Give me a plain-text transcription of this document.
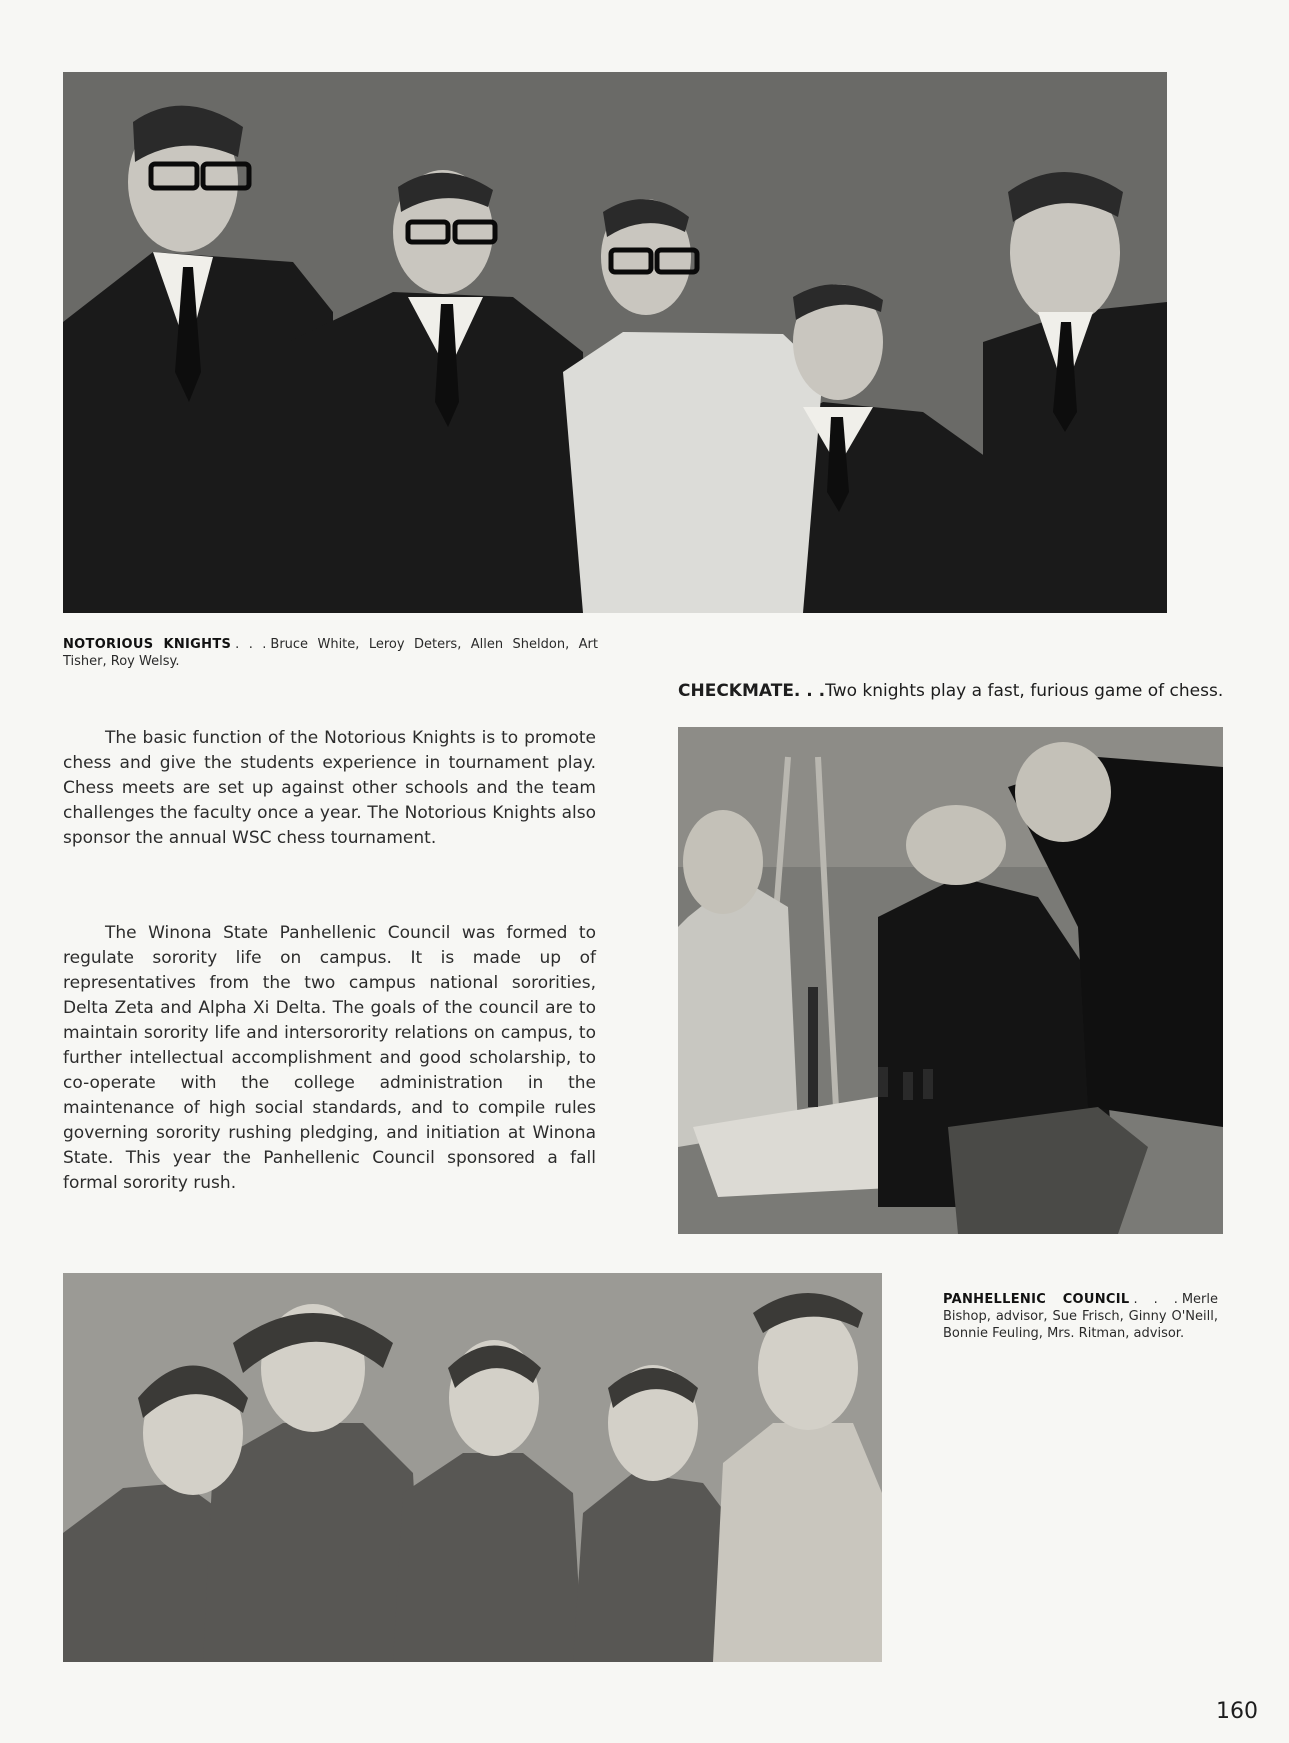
NOTORIOUS KNIGHTS . . . Bruce White, Leroy Deters, Allen Sheldon, Art Tisher, Roy Welsy.
CHECKMATE. . .Two knights play a fast, furious game of chess.
The basic function of the Notorious Knights is to promote chess and give the students experience in tournament play. Chess meets are set up against other schools and the team challenges the faculty once a year. The Notorious Knights also sponsor the annual WSC chess tournament.
The Winona State Panhellenic Council was formed to regulate sorority life on campus. It is made up of representatives from the two campus national sororities, Delta Zeta and Alpha Xi Delta. The goals of the council are to maintain sorority life and intersorority relations on campus, to further intellectual accomplishment and good scholarship, to co-operate with the college administration in the maintenance of high social standards, and to compile rules governing sorority rushing pledging, and initiation at Winona State. This year the Panhellenic Council sponsored a fall formal sorority rush.
PANHELLENIC COUNCIL . . . Merle Bishop, advisor, Sue Frisch, Ginny O'Neill, Bonnie Feuling, Mrs. Ritman, advisor.
160
